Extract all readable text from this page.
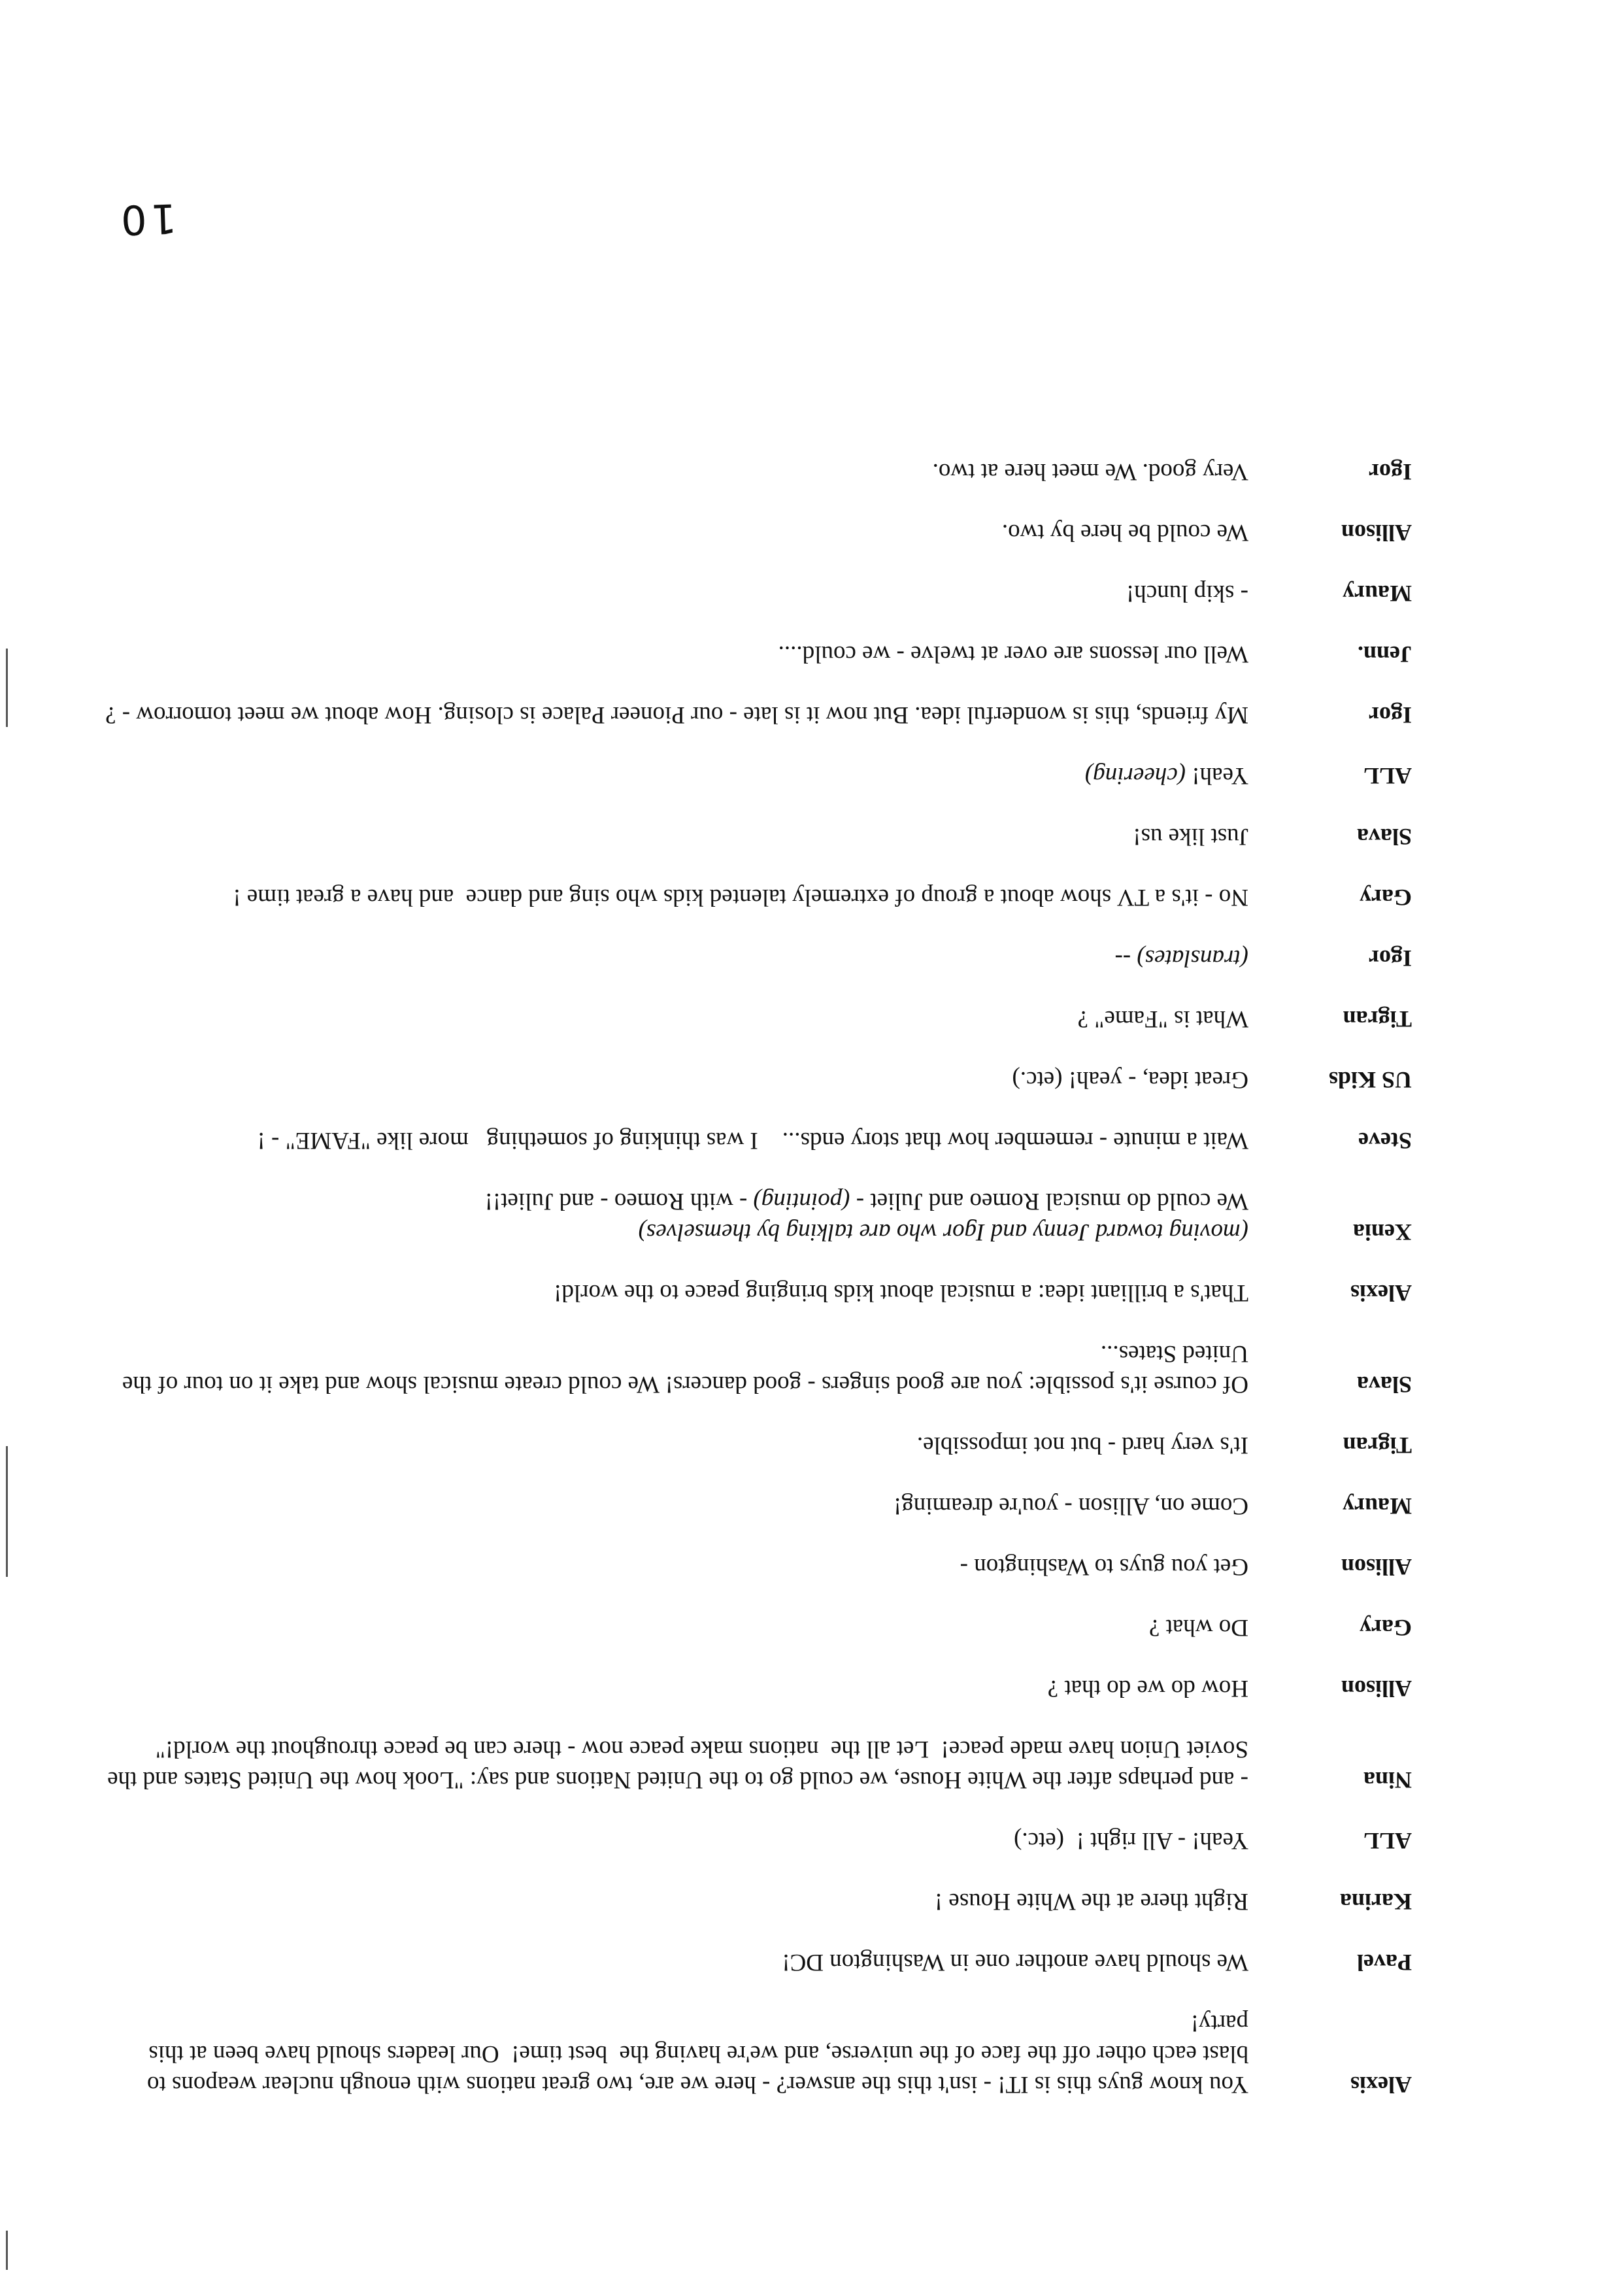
10
Alexis
You know guys this is IT! - isn't this the answer? - here we are, two great nations with enough nuclear weapons to blast each other off the face of the universe, and we're having the  best time!  Our leaders should have been at this party!
Pavel
We should have another one in Washington DC!
Karina
Right there at the White House !
ALL
Yeah! - All right !  (etc.)
Nina
- and perhaps after the White House, we could go to the United Nations and say: "Look how the United States and the Soviet Union have made peace!  Let all the  nations make peace now - there can be peace throughout the world!"
Allison
How do we do that ?
Gary
Do what ?
Allison
Get you guys to Washington -
Maury
Come on, Allison - you're dreaming!
Tigran
It's very hard - but not impossible.
Slava
Of course it's possible: you are good singers - good dancers! We could create musical show and take it on tour of the United States...
Alexis
That's a brilliant idea: a musical about kids bringing peace to the world!
Xenia
(moving toward Jenny and Igor who are talking by themselves)
We could do musical Romeo and Juliet - (pointing) - with Romeo - and Juliet!!
Steve
Wait a minute - remember how that story ends...    I was thinking of something   more like "FAME" - !
US Kids
Great idea, - yeah! (etc.)
Tigran
What is "Fame" ?
Igor
(translates) --
Gary
No - it's a TV show about a group of extremely talented kids who sing and dance  and have a great time !
Slava
Just like us!
ALL
Yeah! (cheering)
Igor
My friends, this is wonderful idea. But now it is late - our Pioneer Palace is closing. How about we meet tomorrow - ?
Jenn.
Well our lessons are over at twelve - we could....
Maury
- skip lunch!
Allison
We could be here by two.
Igor
Very good. We meet here at two.
